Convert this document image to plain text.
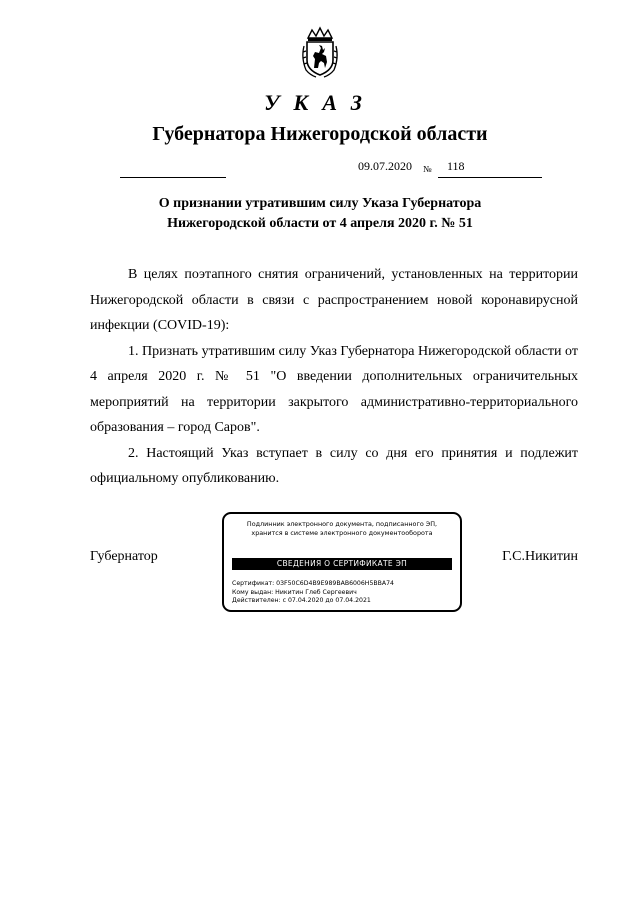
УКАЗ
Губернатора Нижегородской области
09.07.2020 № 118
О признании утратившим силу Указа Губернатора
Нижегородской области от 4 апреля 2020 г. № 51

В целях поэтапного снятия ограничений, установленных на территории Нижегородской области в связи с распространением новой коронавирусной инфекции (COVID-19):

1. Признать утратившим силу Указ Губернатора Нижегородской области от 4 апреля 2020 г. № 51 "О введении дополнительных ограничительных мероприятий на территории закрытого административно-территориального образования – город Саров".

2. Настоящий Указ вступает в силу со дня его принятия и подлежит официальному опубликованию.

Губернатор	Г.С.Никитин
Подлинник электронного документа, подписанного ЭП,
хранится в системе электронного документооборота
СВЕДЕНИЯ О СЕРТИФИКАТЕ ЭП
Сертификат: 03F50C6D4B9E989BAB6006H5BBA74
Кому выдан: Никитин Глеб Сергеевич
Действителен: с 07.04.2020 до 07.04.2021
